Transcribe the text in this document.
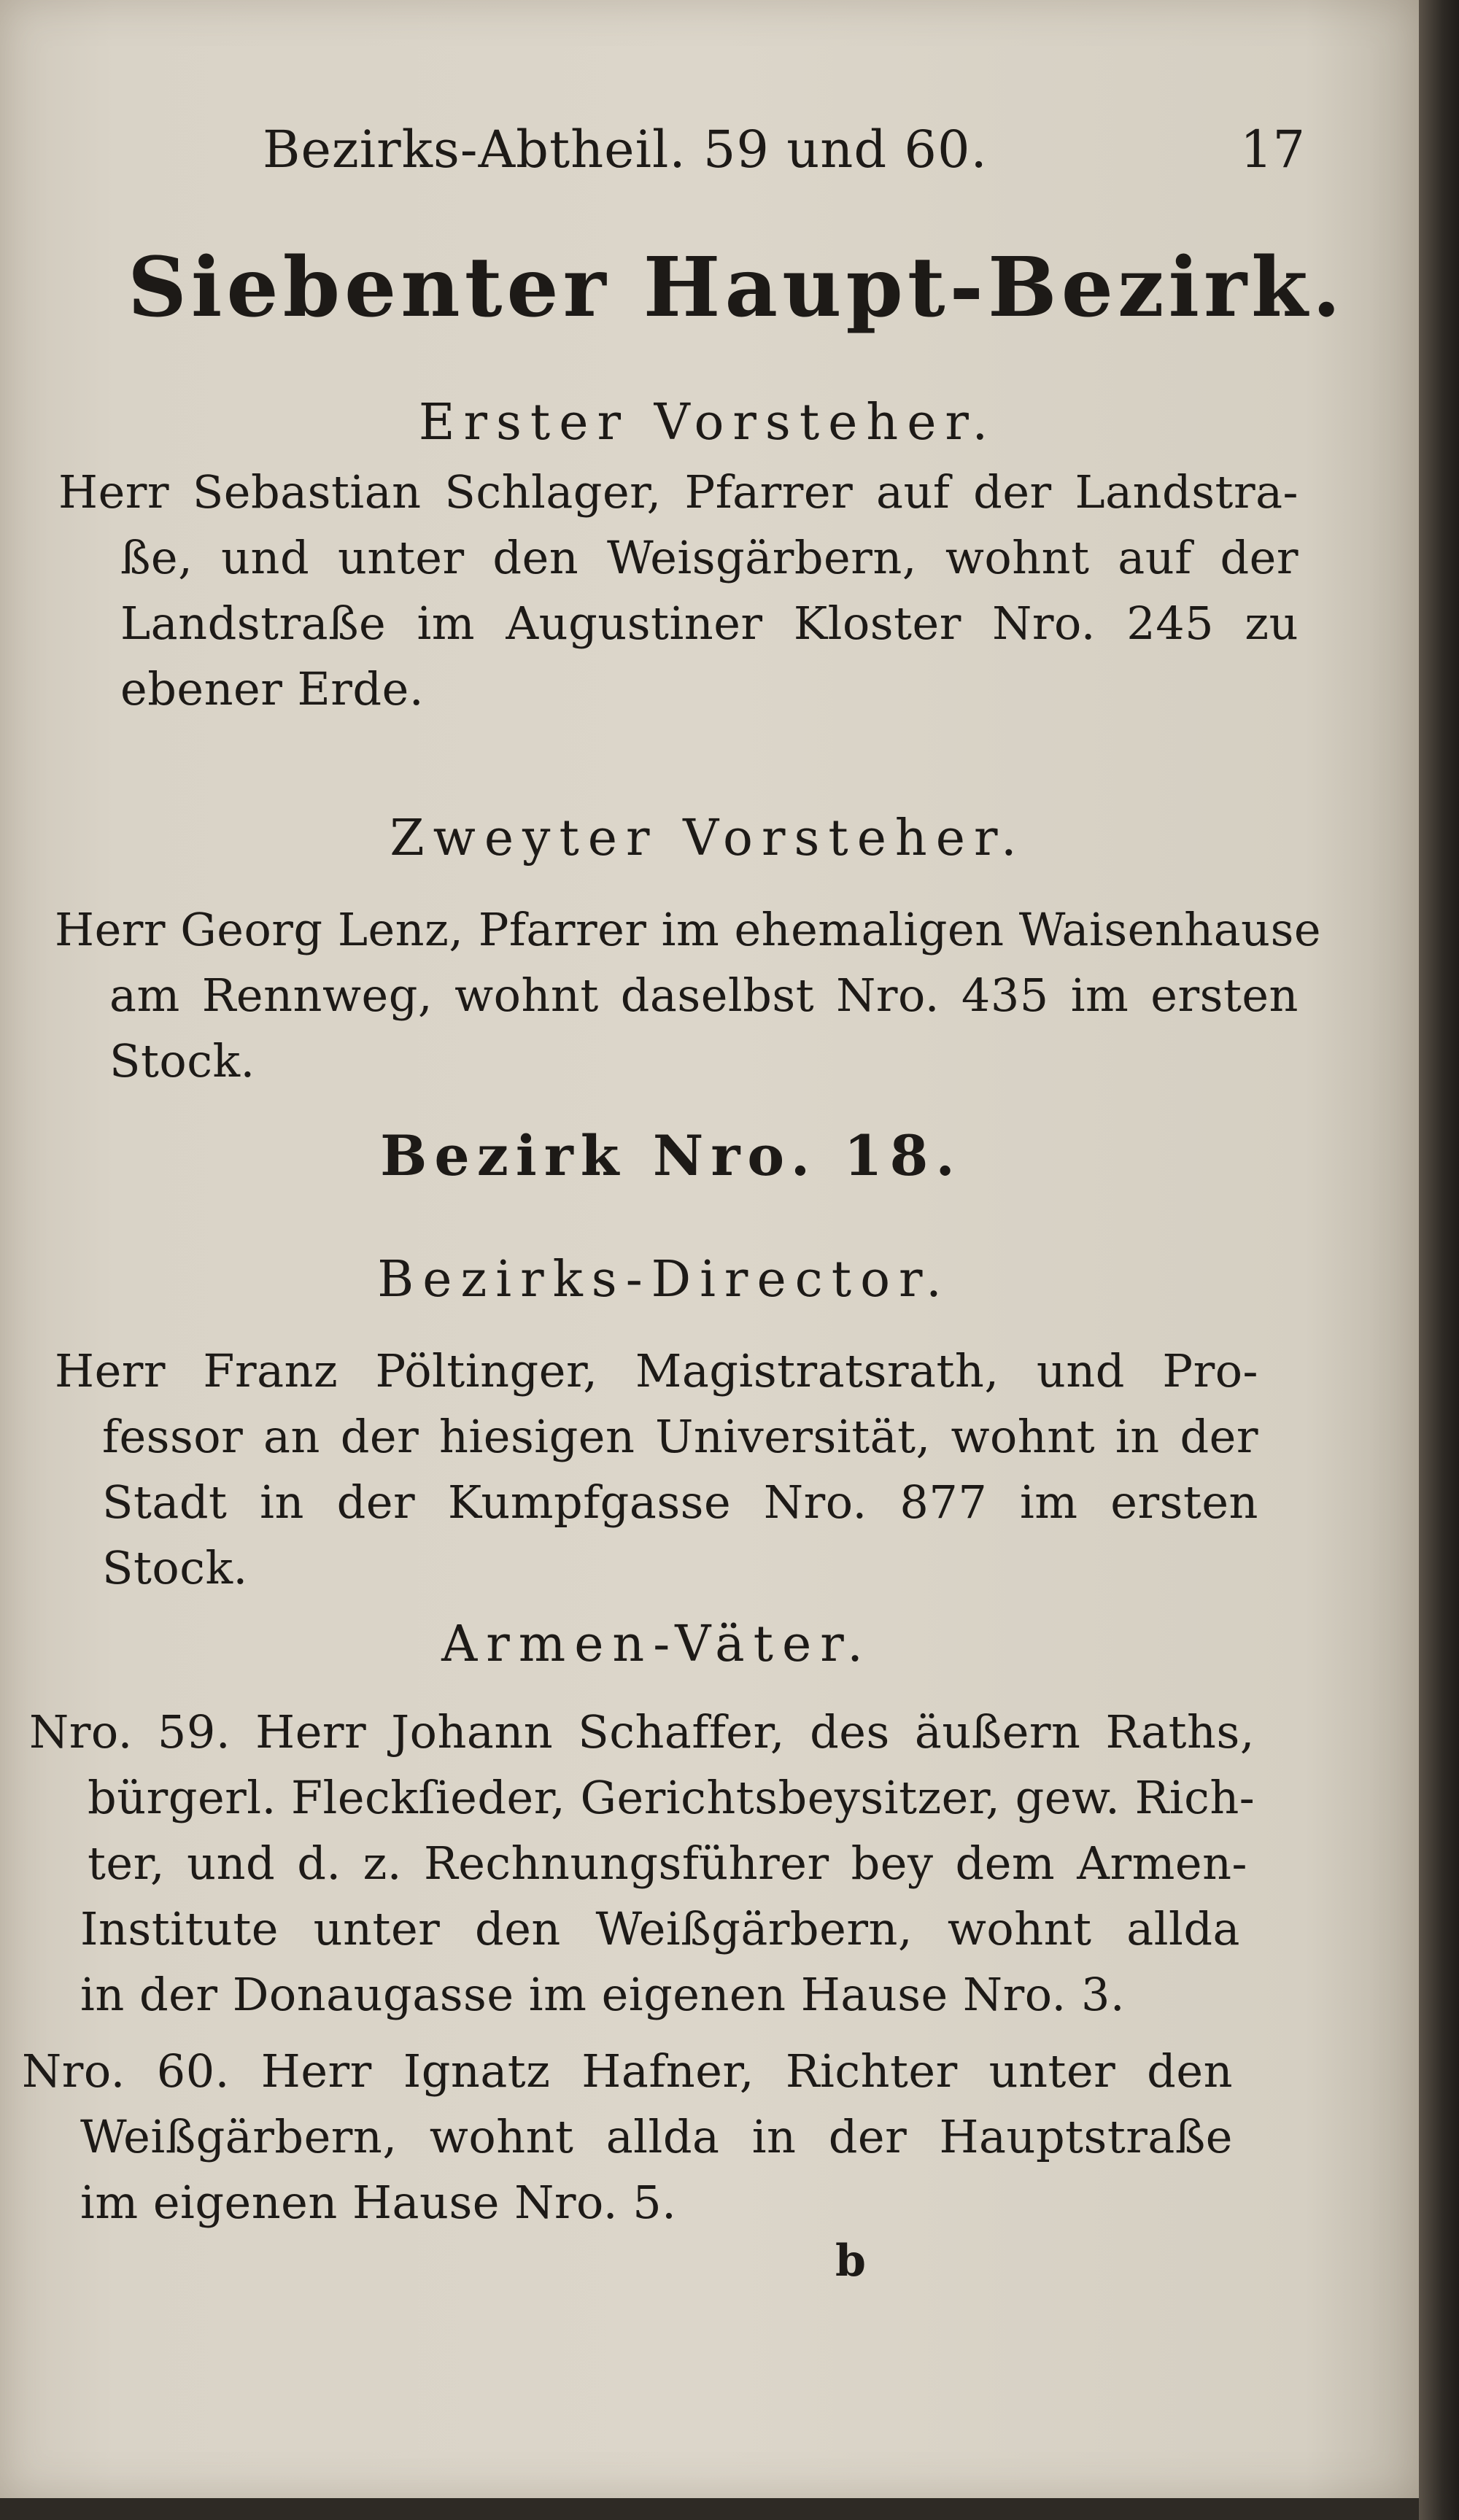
Bezirks-Abtheil. 59 und 60.	17
Siebenter Haupt-Bezirk.
Erster Vorsteher.
Herr Sebastian Schlager, Pfarrer auf der Landstra-
ße, und unter den Weisgärbern, wohnt auf der
Landstraße im Augustiner Kloster Nro. 245 zu
ebener Erde.
Zweyter Vorsteher.
Herr Georg Lenz, Pfarrer im ehemaligen Waisenhause
am Rennweg, wohnt daselbst Nro. 435 im ersten
Stock.
Bezirk Nro. 18.
Bezirks-Director.
Herr Franz Pöltinger, Magistratsrath, und Pro-
fessor an der hiesigen Universität, wohnt in der
Stadt in der Kumpfgasse Nro. 877 im ersten
Stock.
Armen-Väter.
Nro. 59. Herr Johann Schaffer, des äußern Raths,
bürgerl. Fleckſieder, Gerichtsbeysitzer, gew. Rich-
ter, und d. z. Rechnungsführer bey dem Armen-
Institute unter den Weißgärbern, wohnt allda
in der Donaugasse im eigenen Hause Nro. 3.
Nro. 60. Herr Ignatz Hafner, Richter unter den
Weißgärbern, wohnt allda in der Hauptstraße
im eigenen Hause Nro. 5.
b
